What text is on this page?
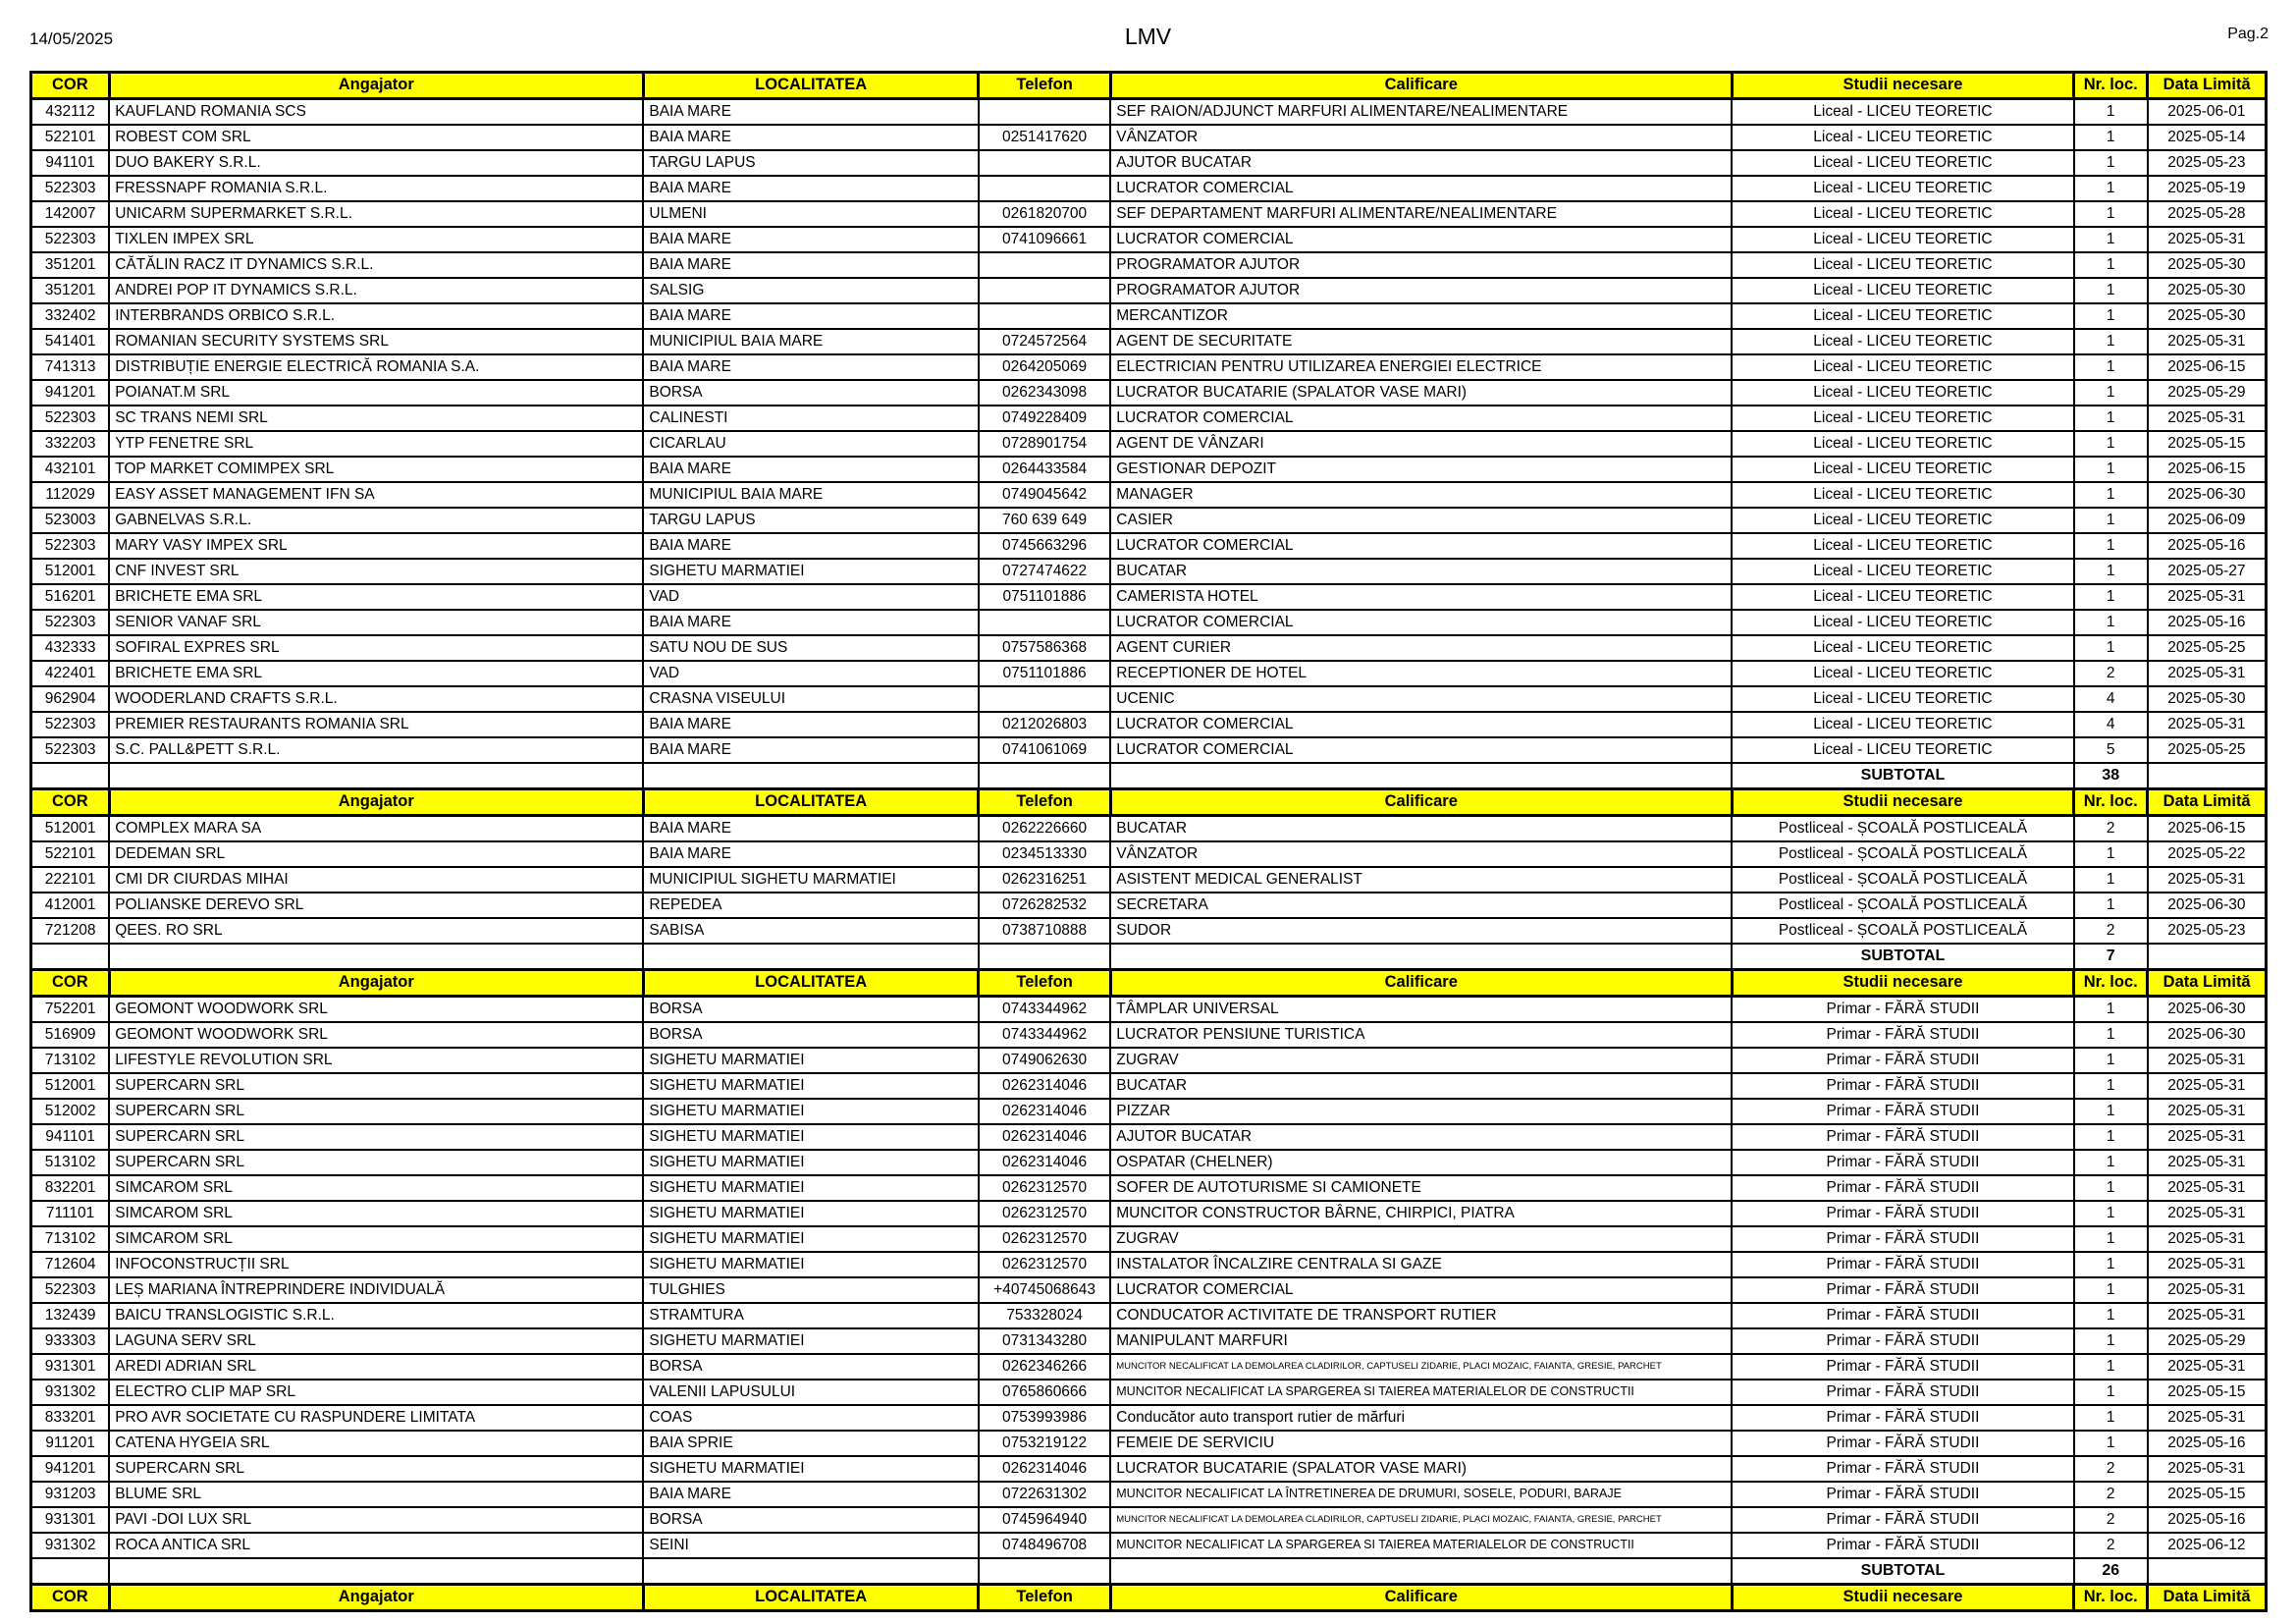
14/05/2025	LMV	Pag.2
COR	Angajator	LOCALITATEA	Telefon	Calificare	Studii necesare	Nr. loc.	Data Limită
432112	KAUFLAND ROMANIA SCS	BAIA MARE		SEF RAION/ADJUNCT MARFURI ALIMENTARE/NEALIMENTARE	Liceal - LICEU TEORETIC	1	2025-06-01
522101	ROBEST COM SRL	BAIA MARE	0251417620	VÂNZATOR	Liceal - LICEU TEORETIC	1	2025-05-14
941101	DUO BAKERY S.R.L.	TARGU LAPUS		AJUTOR BUCATAR	Liceal - LICEU TEORETIC	1	2025-05-23
522303	FRESSNAPF ROMANIA S.R.L.	BAIA MARE		LUCRATOR COMERCIAL	Liceal - LICEU TEORETIC	1	2025-05-19
142007	UNICARM SUPERMARKET S.R.L.	ULMENI	0261820700	SEF DEPARTAMENT MARFURI ALIMENTARE/NEALIMENTARE	Liceal - LICEU TEORETIC	1	2025-05-28
522303	TIXLEN IMPEX SRL	BAIA MARE	0741096661	LUCRATOR COMERCIAL	Liceal - LICEU TEORETIC	1	2025-05-31
351201	CĂTĂLIN RACZ IT DYNAMICS S.R.L.	BAIA MARE		PROGRAMATOR AJUTOR	Liceal - LICEU TEORETIC	1	2025-05-30
351201	ANDREI POP IT DYNAMICS S.R.L.	SALSIG		PROGRAMATOR AJUTOR	Liceal - LICEU TEORETIC	1	2025-05-30
332402	INTERBRANDS ORBICO S.R.L.	BAIA MARE		MERCANTIZOR	Liceal - LICEU TEORETIC	1	2025-05-30
541401	ROMANIAN SECURITY SYSTEMS SRL	MUNICIPIUL BAIA MARE	0724572564	AGENT DE SECURITATE	Liceal - LICEU TEORETIC	1	2025-05-31
741313	DISTRIBUȚIE ENERGIE ELECTRICĂ ROMANIA S.A.	BAIA MARE	0264205069	ELECTRICIAN PENTRU UTILIZAREA ENERGIEI ELECTRICE	Liceal - LICEU TEORETIC	1	2025-06-15
941201	POIANAT.M SRL	BORSA	0262343098	LUCRATOR BUCATARIE (SPALATOR VASE MARI)	Liceal - LICEU TEORETIC	1	2025-05-29
522303	SC TRANS NEMI SRL	CALINESTI	0749228409	LUCRATOR COMERCIAL	Liceal - LICEU TEORETIC	1	2025-05-31
332203	YTP FENETRE SRL	CICARLAU	0728901754	AGENT DE VÂNZARI	Liceal - LICEU TEORETIC	1	2025-05-15
432101	TOP MARKET COMIMPEX SRL	BAIA MARE	0264433584	GESTIONAR DEPOZIT	Liceal - LICEU TEORETIC	1	2025-06-15
112029	EASY ASSET MANAGEMENT IFN SA	MUNICIPIUL BAIA MARE	0749045642	MANAGER	Liceal - LICEU TEORETIC	1	2025-06-30
523003	GABNELVAS S.R.L.	TARGU LAPUS	760 639 649	CASIER	Liceal - LICEU TEORETIC	1	2025-06-09
522303	MARY VASY IMPEX SRL	BAIA MARE	0745663296	LUCRATOR COMERCIAL	Liceal - LICEU TEORETIC	1	2025-05-16
512001	CNF INVEST SRL	SIGHETU MARMATIEI	0727474622	BUCATAR	Liceal - LICEU TEORETIC	1	2025-05-27
516201	BRICHETE EMA SRL	VAD	0751101886	CAMERISTA HOTEL	Liceal - LICEU TEORETIC	1	2025-05-31
522303	SENIOR VANAF SRL	BAIA MARE		LUCRATOR COMERCIAL	Liceal - LICEU TEORETIC	1	2025-05-16
432333	SOFIRAL EXPRES SRL	SATU NOU DE SUS	0757586368	AGENT CURIER	Liceal - LICEU TEORETIC	1	2025-05-25
422401	BRICHETE EMA SRL	VAD	0751101886	RECEPTIONER DE HOTEL	Liceal - LICEU TEORETIC	2	2025-05-31
962904	WOODERLAND CRAFTS S.R.L.	CRASNA VISEULUI		UCENIC	Liceal - LICEU TEORETIC	4	2025-05-30
522303	PREMIER RESTAURANTS ROMANIA SRL	BAIA MARE	0212026803	LUCRATOR COMERCIAL	Liceal - LICEU TEORETIC	4	2025-05-31
522303	S.C. PALL&PETT S.R.L.	BAIA MARE	0741061069	LUCRATOR COMERCIAL	Liceal - LICEU TEORETIC	5	2025-05-25
					SUBTOTAL	38	
COR	Angajator	LOCALITATEA	Telefon	Calificare	Studii necesare	Nr. loc.	Data Limită
512001	COMPLEX MARA SA	BAIA MARE	0262226660	BUCATAR	Postliceal - ȘCOALĂ POSTLICEALĂ	2	2025-06-15
522101	DEDEMAN SRL	BAIA MARE	0234513330	VÂNZATOR	Postliceal - ȘCOALĂ POSTLICEALĂ	1	2025-05-22
222101	CMI DR CIURDAS MIHAI	MUNICIPIUL SIGHETU MARMATIEI	0262316251	ASISTENT MEDICAL GENERALIST	Postliceal - ȘCOALĂ POSTLICEALĂ	1	2025-05-31
412001	POLIANSKE DEREVO SRL	REPEDEA	0726282532	SECRETARA	Postliceal - ȘCOALĂ POSTLICEALĂ	1	2025-06-30
721208	QEES. RO SRL	SABISA	0738710888	SUDOR	Postliceal - ȘCOALĂ POSTLICEALĂ	2	2025-05-23
					SUBTOTAL	7	
COR	Angajator	LOCALITATEA	Telefon	Calificare	Studii necesare	Nr. loc.	Data Limită
752201	GEOMONT WOODWORK SRL	BORSA	0743344962	TÂMPLAR UNIVERSAL	Primar - FĂRĂ STUDII	1	2025-06-30
516909	GEOMONT WOODWORK SRL	BORSA	0743344962	LUCRATOR PENSIUNE TURISTICA	Primar - FĂRĂ STUDII	1	2025-06-30
713102	LIFESTYLE REVOLUTION SRL	SIGHETU MARMATIEI	0749062630	ZUGRAV	Primar - FĂRĂ STUDII	1	2025-05-31
512001	SUPERCARN SRL	SIGHETU MARMATIEI	0262314046	BUCATAR	Primar - FĂRĂ STUDII	1	2025-05-31
512002	SUPERCARN SRL	SIGHETU MARMATIEI	0262314046	PIZZAR	Primar - FĂRĂ STUDII	1	2025-05-31
941101	SUPERCARN SRL	SIGHETU MARMATIEI	0262314046	AJUTOR BUCATAR	Primar - FĂRĂ STUDII	1	2025-05-31
513102	SUPERCARN SRL	SIGHETU MARMATIEI	0262314046	OSPATAR (CHELNER)	Primar - FĂRĂ STUDII	1	2025-05-31
832201	SIMCAROM SRL	SIGHETU MARMATIEI	0262312570	SOFER DE AUTOTURISME SI CAMIONETE	Primar - FĂRĂ STUDII	1	2025-05-31
711101	SIMCAROM SRL	SIGHETU MARMATIEI	0262312570	MUNCITOR CONSTRUCTOR BÂRNE, CHIRPICI, PIATRA	Primar - FĂRĂ STUDII	1	2025-05-31
713102	SIMCAROM SRL	SIGHETU MARMATIEI	0262312570	ZUGRAV	Primar - FĂRĂ STUDII	1	2025-05-31
712604	INFOCONSTRUCȚII SRL	SIGHETU MARMATIEI	0262312570	INSTALATOR ÎNCALZIRE CENTRALA SI GAZE	Primar - FĂRĂ STUDII	1	2025-05-31
522303	LEȘ MARIANA ÎNTREPRINDERE INDIVIDUALĂ	TULGHIES	+40745068643	LUCRATOR COMERCIAL	Primar - FĂRĂ STUDII	1	2025-05-31
132439	BAICU TRANSLOGISTIC S.R.L.	STRAMTURA	753328024	CONDUCATOR ACTIVITATE DE TRANSPORT RUTIER	Primar - FĂRĂ STUDII	1	2025-05-31
933303	LAGUNA SERV SRL	SIGHETU MARMATIEI	0731343280	MANIPULANT MARFURI	Primar - FĂRĂ STUDII	1	2025-05-29
931301	AREDI ADRIAN SRL	BORSA	0262346266	MUNCITOR NECALIFICAT LA DEMOLAREA CLADIRILOR, CAPTUSELI ZIDARIE, PLACI MOZAIC, FAIANTA, GRESIE, PARCHET	Primar - FĂRĂ STUDII	1	2025-05-31
931302	ELECTRO CLIP MAP SRL	VALENII LAPUSULUI	0765860666	MUNCITOR NECALIFICAT LA SPARGEREA SI TAIEREA MATERIALELOR DE CONSTRUCTII	Primar - FĂRĂ STUDII	1	2025-05-15
833201	PRO AVR SOCIETATE CU RASPUNDERE LIMITATA	COAS	0753993986	Conducător auto transport rutier de mărfuri	Primar - FĂRĂ STUDII	1	2025-05-31
911201	CATENA HYGEIA SRL	BAIA SPRIE	0753219122	FEMEIE DE SERVICIU	Primar - FĂRĂ STUDII	1	2025-05-16
941201	SUPERCARN SRL	SIGHETU MARMATIEI	0262314046	LUCRATOR BUCATARIE (SPALATOR VASE MARI)	Primar - FĂRĂ STUDII	2	2025-05-31
931203	BLUME SRL	BAIA MARE	0722631302	MUNCITOR NECALIFICAT LA ÎNTRETINEREA DE DRUMURI, SOSELE, PODURI, BARAJE	Primar - FĂRĂ STUDII	2	2025-05-15
931301	PAVI -DOI LUX SRL	BORSA	0745964940	MUNCITOR NECALIFICAT LA DEMOLAREA CLADIRILOR, CAPTUSELI ZIDARIE, PLACI MOZAIC, FAIANTA, GRESIE, PARCHET	Primar - FĂRĂ STUDII	2	2025-05-16
931302	ROCA ANTICA SRL	SEINI	0748496708	MUNCITOR NECALIFICAT LA SPARGEREA SI TAIEREA MATERIALELOR DE CONSTRUCTII	Primar - FĂRĂ STUDII	2	2025-06-12
					SUBTOTAL	26	
COR	Angajator	LOCALITATEA	Telefon	Calificare	Studii necesare	Nr. loc.	Data Limită
